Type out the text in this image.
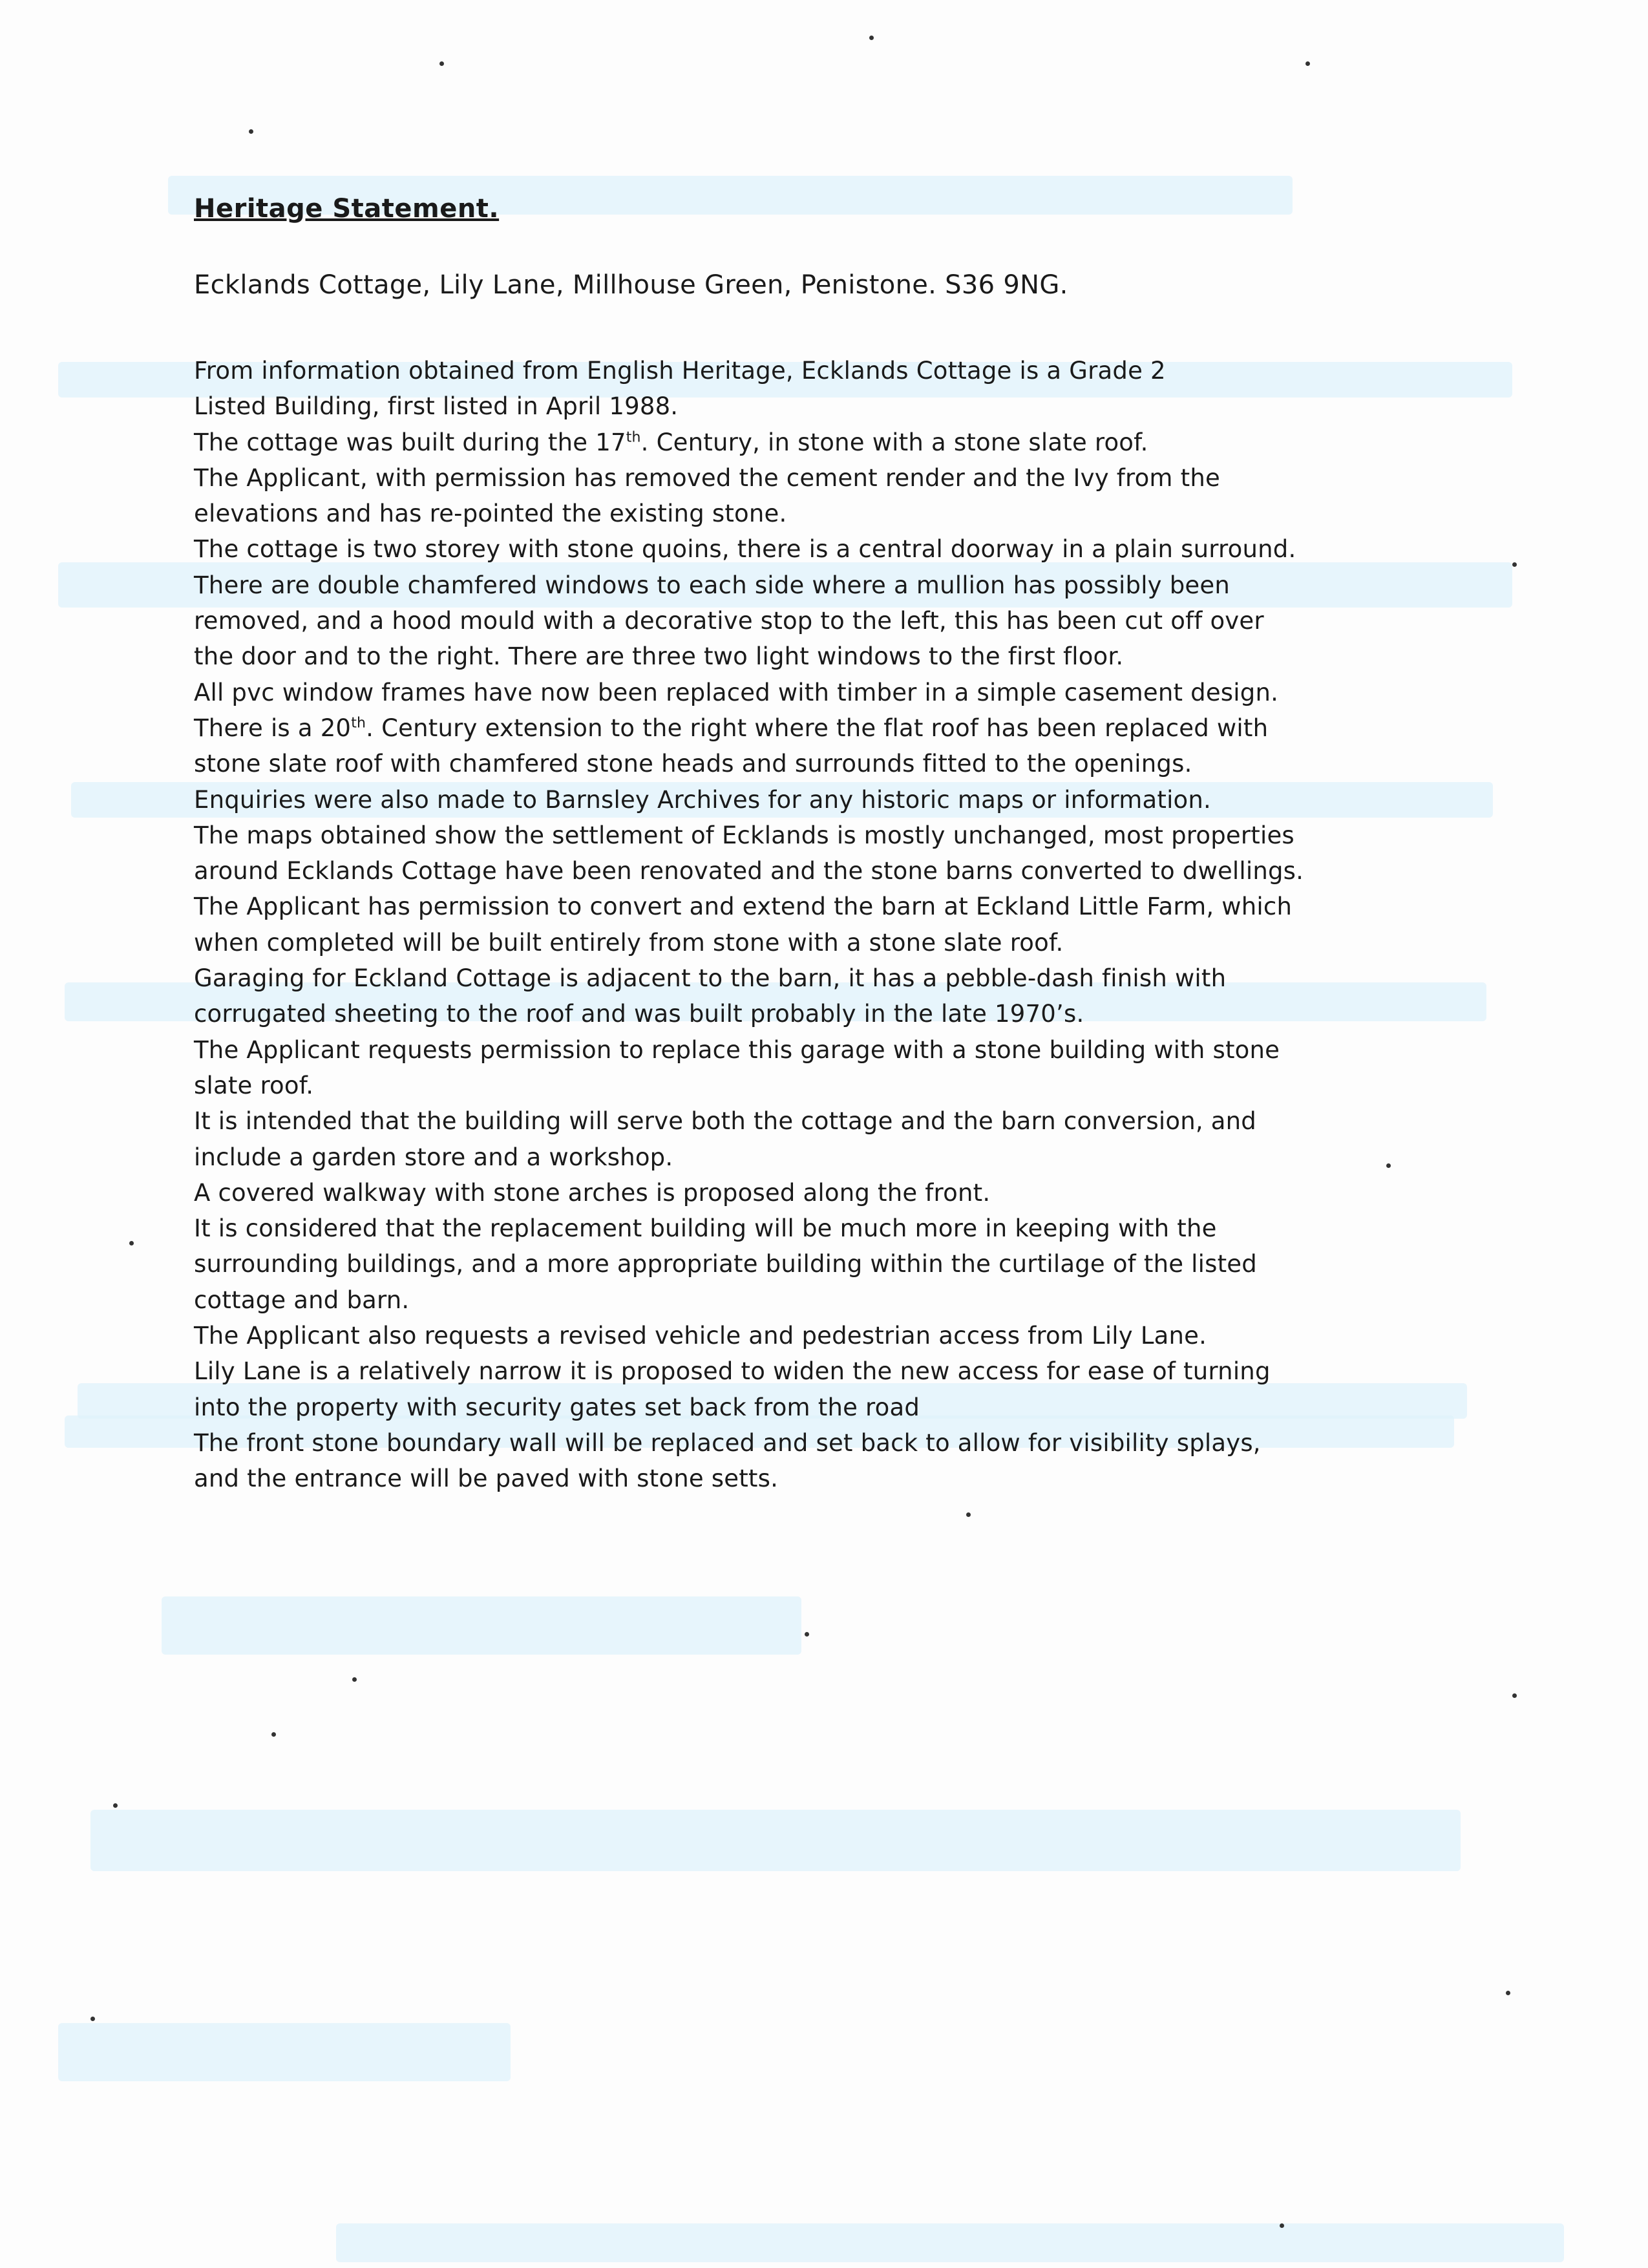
Heritage Statement.
Ecklands Cottage, Lily Lane, Millhouse Green, Penistone. S36 9NG.
From information obtained from English Heritage, Ecklands Cottage is a Grade 2
Listed Building, first listed in April 1988.
The cottage was built during the 17th. Century, in stone with a stone slate roof.
The Applicant, with permission has removed the cement render and the Ivy from the
elevations and has re-pointed the existing stone.
The cottage is two storey with stone quoins, there is a central doorway in a plain surround.
There are double chamfered windows to each side where a mullion has possibly been
removed, and a hood mould with a decorative stop to the left, this has been cut off over
the door and to the right. There are three two light windows to the first floor.
All pvc window frames have now been replaced with timber in a simple casement design.
There is a 20th. Century extension to the right where the flat roof has been replaced with
stone slate roof with chamfered stone heads and surrounds fitted to the openings.
Enquiries were also made to Barnsley Archives for any historic maps or information.
The maps obtained show the settlement of Ecklands is mostly unchanged, most properties
around Ecklands Cottage have been renovated and the stone barns converted to dwellings.
The Applicant has permission to convert and extend the barn at Eckland Little Farm, which
when completed will be built entirely from stone with a stone slate roof.
Garaging for Eckland Cottage is adjacent to the barn, it has a pebble-dash finish with
corrugated sheeting to the roof and was built probably in the late 1970’s.
The Applicant requests permission to replace this garage with a stone building with stone
slate roof.
It is intended that the building will serve both the cottage and the barn conversion, and
include a garden store and a workshop.
A covered walkway with stone arches is proposed along the front.
It is considered that the replacement building will be much more in keeping with the
surrounding buildings, and a more appropriate building within the curtilage of the listed
cottage and barn.
The Applicant also requests a revised vehicle and pedestrian access from Lily Lane.
Lily Lane is a relatively narrow it is proposed to widen the new access for ease of turning
into the property with security gates set back from the road
The front stone boundary wall will be replaced and set back to allow for visibility splays,
and the entrance will be paved with stone setts.
